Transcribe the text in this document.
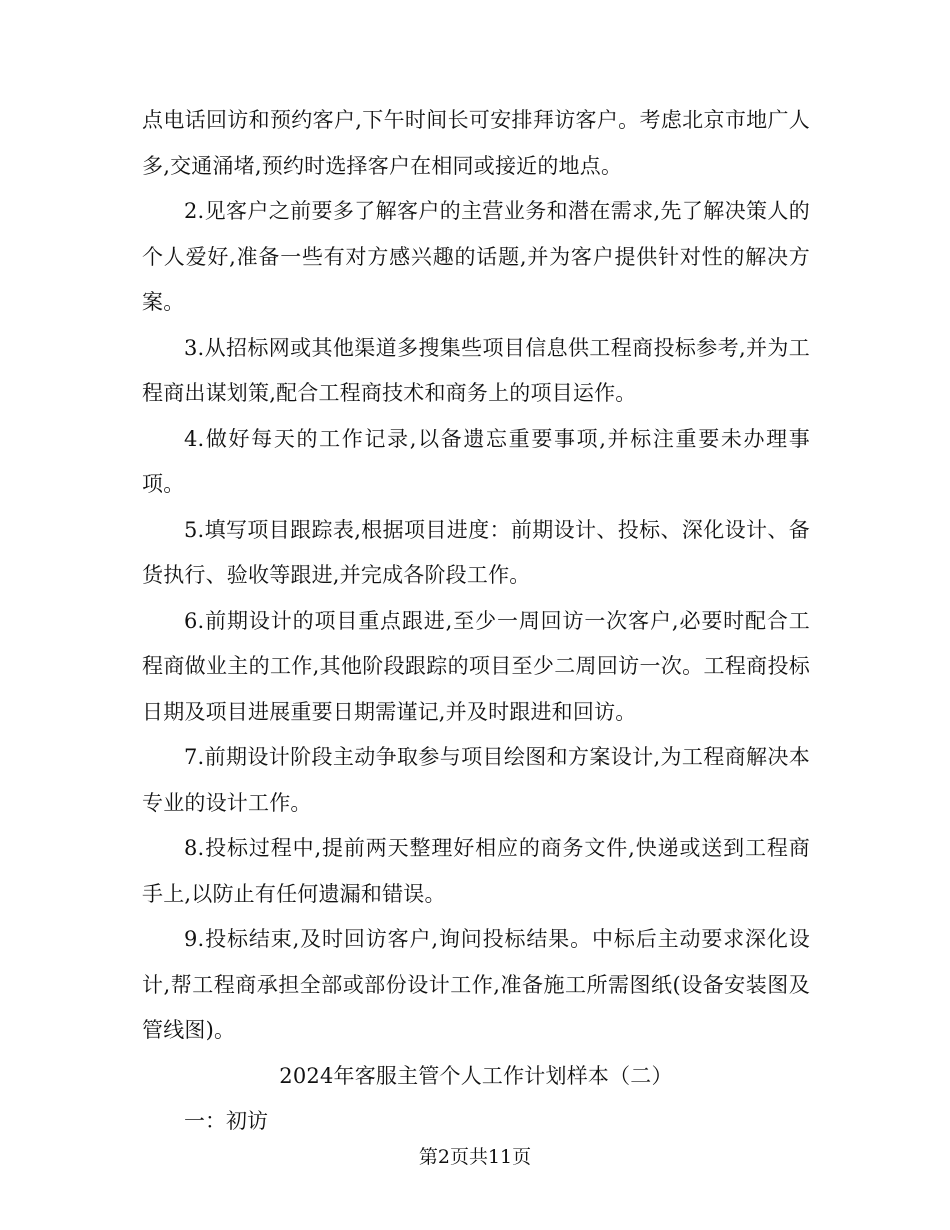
点电话回访和预约客户,下午时间长可安排拜访客户。考虑北京市地广人多,交通涌堵,预约时选择客户在相同或接近的地点。

2.见客户之前要多了解客户的主营业务和潜在需求,先了解决策人的个人爱好,准备一些有对方感兴趣的话题,并为客户提供针对性的解决方案。

3.从招标网或其他渠道多搜集些项目信息供工程商投标参考,并为工程商出谋划策,配合工程商技术和商务上的项目运作。

4.做好每天的工作记录,以备遗忘重要事项,并标注重要未办理事项。

5.填写项目跟踪表,根据项目进度：前期设计、投标、深化设计、备货执行、验收等跟进,并完成各阶段工作。

6.前期设计的项目重点跟进,至少一周回访一次客户,必要时配合工程商做业主的工作,其他阶段跟踪的项目至少二周回访一次。工程商投标日期及项目进展重要日期需谨记,并及时跟进和回访。

7.前期设计阶段主动争取参与项目绘图和方案设计,为工程商解决本专业的设计工作。

8.投标过程中,提前两天整理好相应的商务文件,快递或送到工程商手上,以防止有任何遗漏和错误。

9.投标结束,及时回访客户,询问投标结果。中标后主动要求深化设计,帮工程商承担全部或部份设计工作,准备施工所需图纸(设备安装图及管线图)。

2024年客服主管个人工作计划样本（二）

一：初访

第2页共11页
